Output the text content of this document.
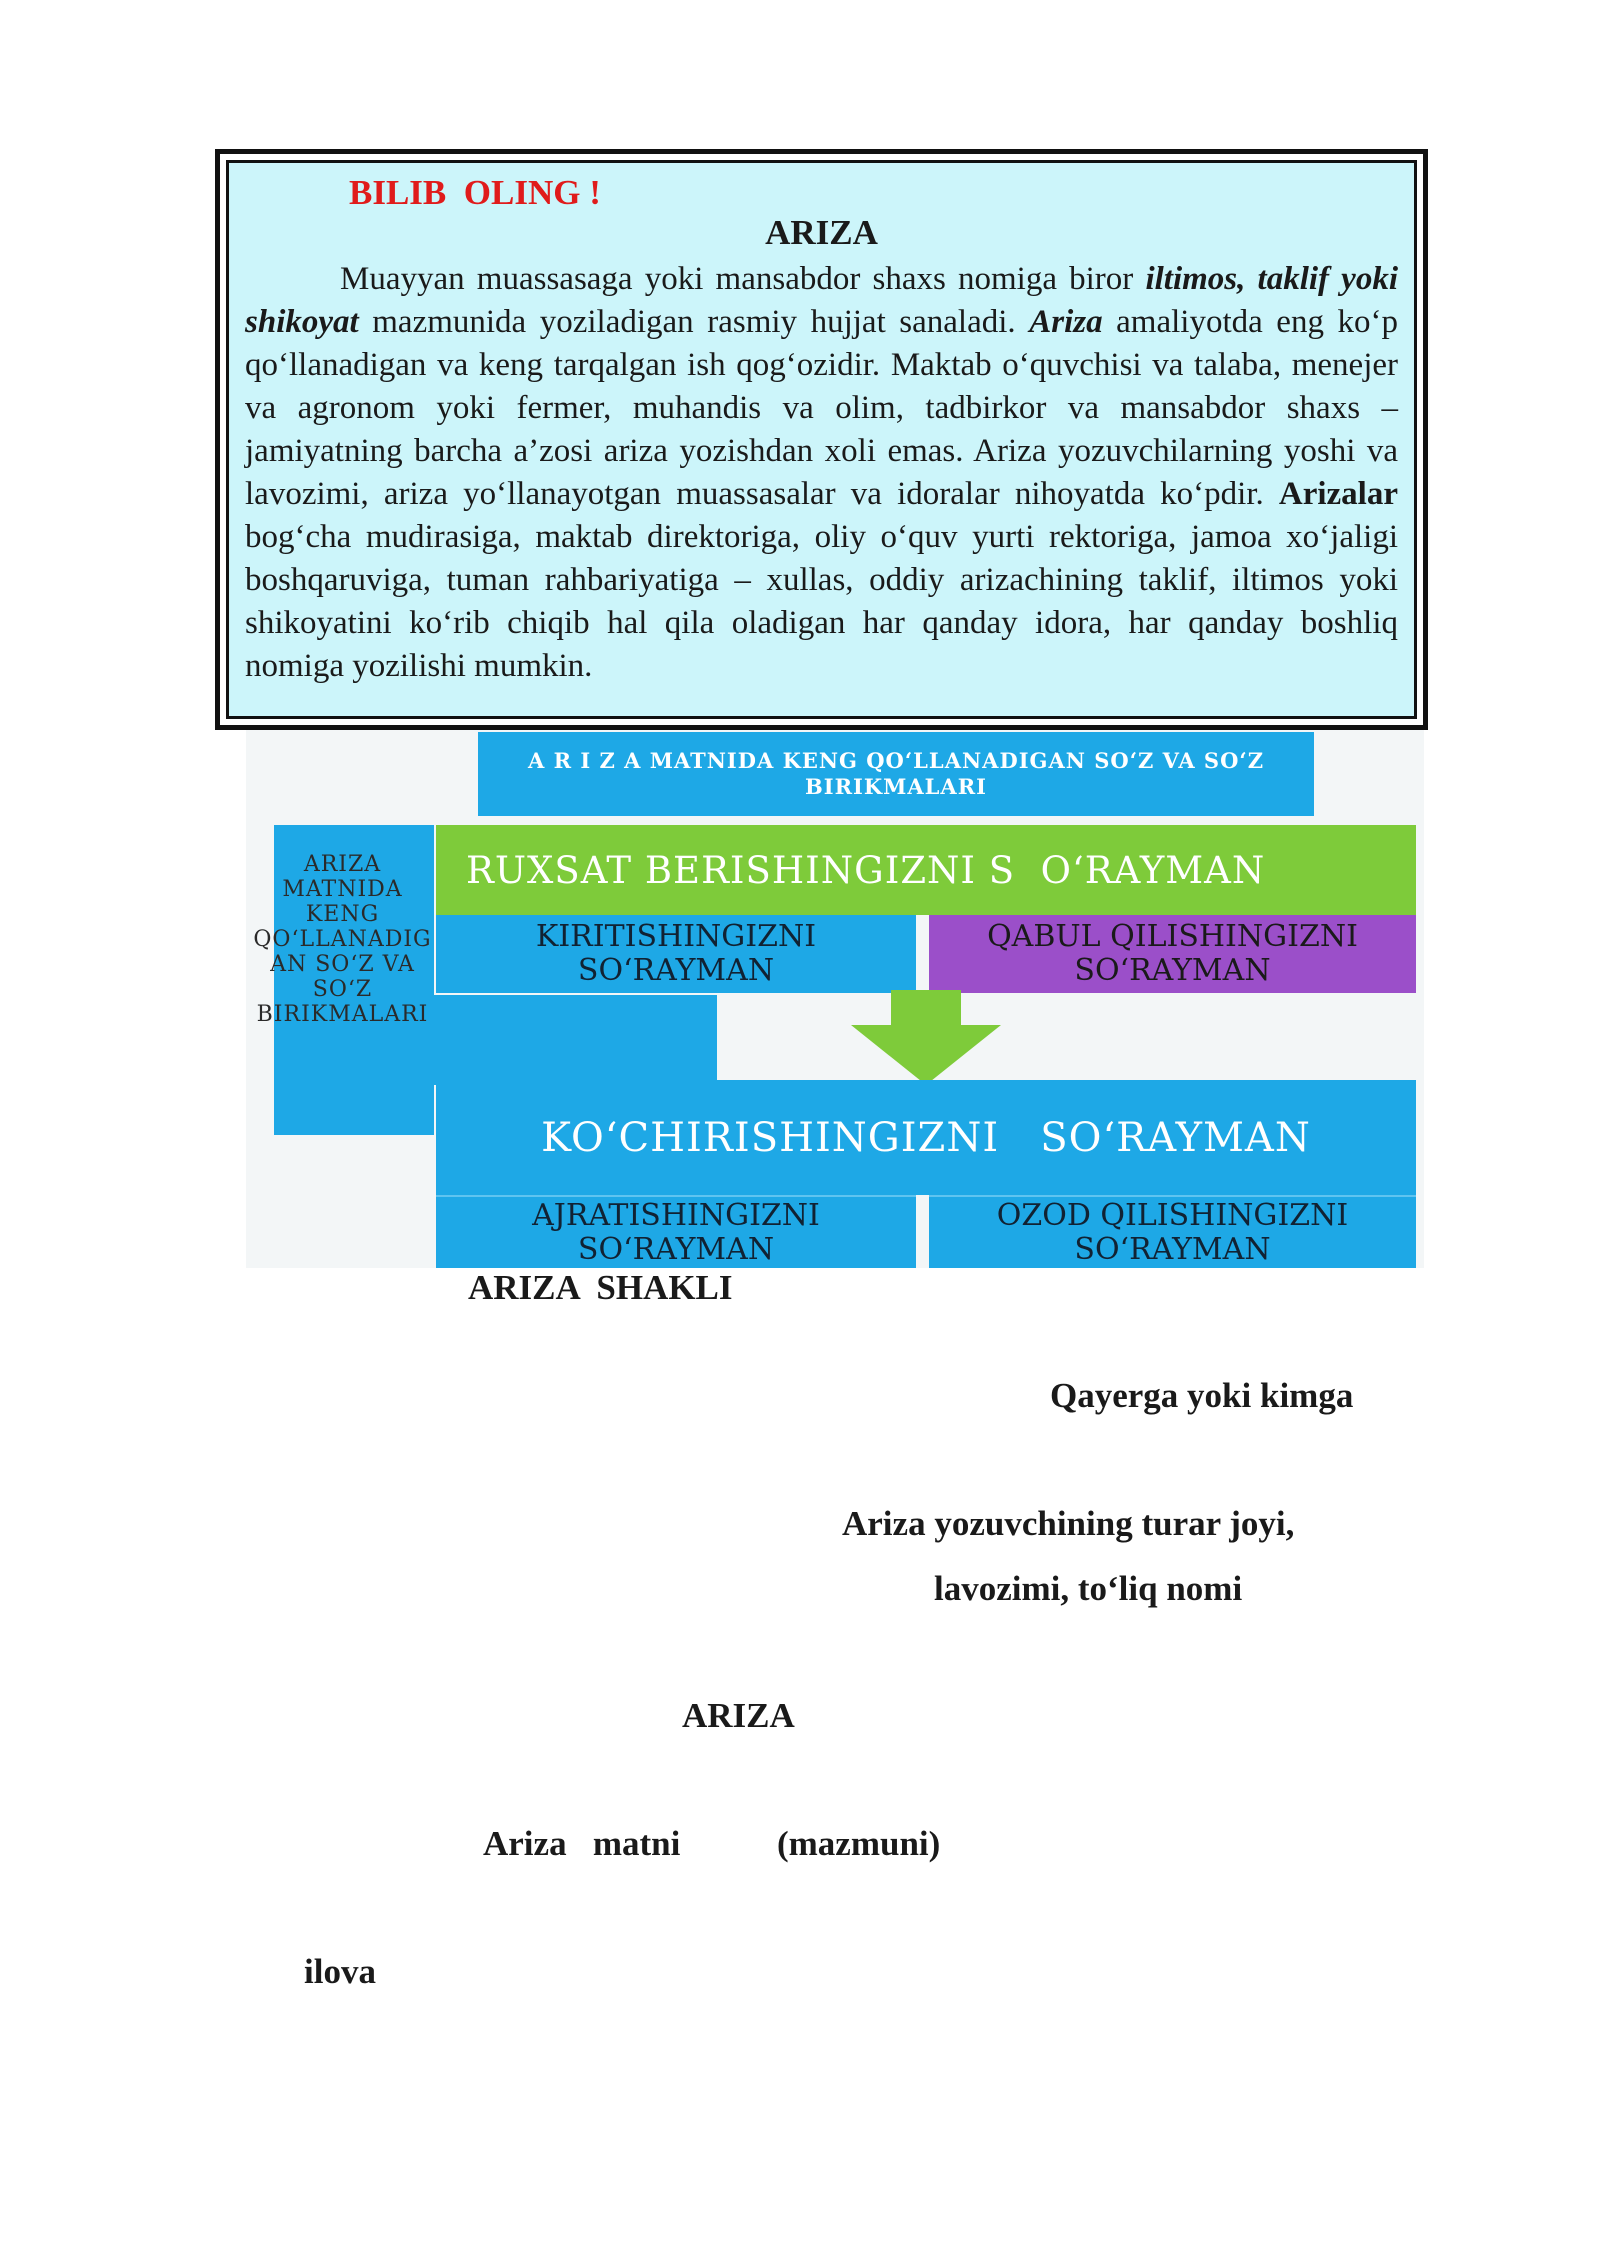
BILIB  OLING !
ARIZA
Muayyan muassasaga yoki mansabdor shaxs nomiga biror iltimos, taklif yoki shikoyat mazmunida yoziladigan rasmiy hujjat sanaladi. Ariza amaliyotda eng ko‘p qo‘llanadigan va keng tarqalgan ish qog‘ozidir. Maktab o‘quvchisi va talaba, menejer va agronom yoki fermer, muhandis va olim, tadbirkor va mansabdor shaxs – jamiyatning barcha a’zosi ariza yozishdan xoli emas. Ariza yozuvchilarning yoshi va lavozimi, ariza yo‘llanayotgan muassasalar va idoralar nihoyatda ko‘pdir. Arizalar bog‘cha mudirasiga, maktab direktoriga, oliy o‘quv yurti rektoriga, jamoa xo‘jaligi boshqaruviga, tuman rahbariyatiga – xullas, oddiy arizachining taklif, iltimos yoki shikoyatini ko‘rib chiqib hal qila oladigan har qanday idora, har qanday boshliq nomiga yozilishi mumkin.
A R I Z A MATNIDA KENG QO‘LLANADIGAN SO‘Z VA SO‘Z
BIRIKMALARI
ARIZA
MATNIDA
KENG
QO‘LLANADIG
AN SO‘Z VA
SO‘Z
BIRIKMALARI
RUXSAT BERISHINGIZNI S  O‘RAYMAN
KIRITISHINGIZNI
SO‘RAYMAN
QABUL QILISHINGIZNI
SO‘RAYMAN
KO‘CHIRISHINGIZNI   SO‘RAYMAN
AJRATISHINGIZNI
SO‘RAYMAN
OZOD QILISHINGIZNI
SO‘RAYMAN
ARIZA  SHAKLI
Qayerga yoki kimga
Ariza yozuvchining turar joyi,
lavozimi, to‘liq nomi
ARIZA
Ariza   matni	(mazmuni)
ilova
